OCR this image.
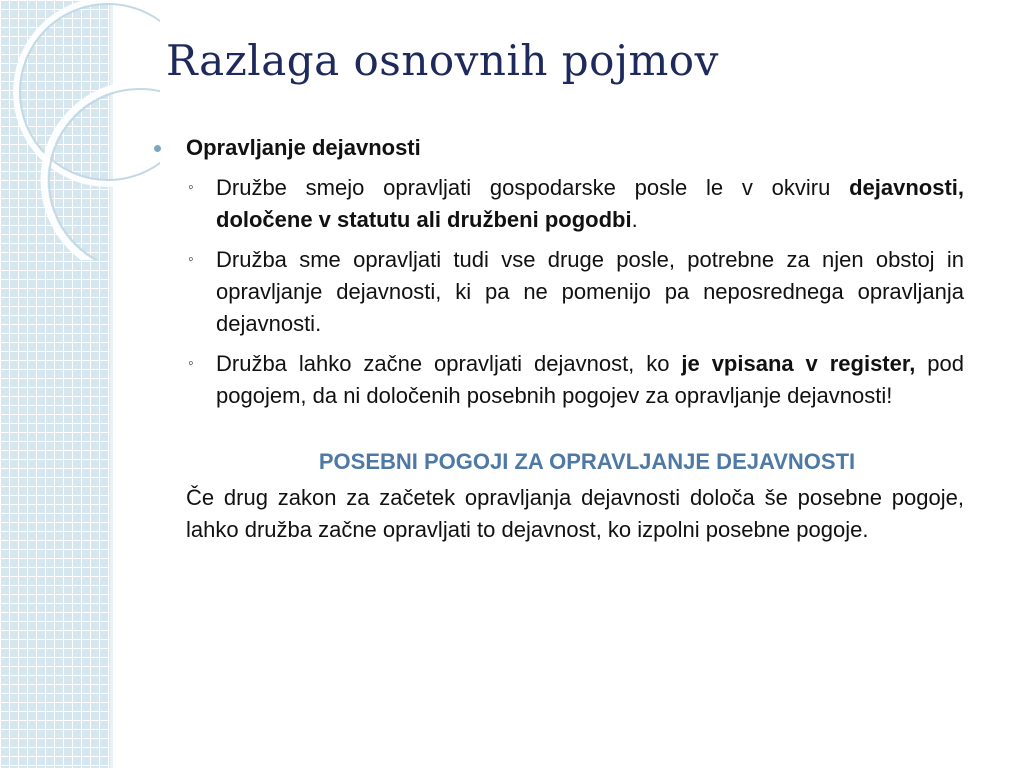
Razlaga osnovnih pojmov
Opravljanje dejavnosti
◦ Družbe smejo opravljati gospodarske posle le v okviru dejavnosti, določene v statutu ali družbeni pogodbi.
◦ Družba sme opravljati tudi vse druge posle, potrebne za njen obstoj in opravljanje dejavnosti, ki pa ne pomenijo pa neposrednega opravljanja dejavnosti.
◦ Družba lahko začne opravljati dejavnost, ko je vpisana v register, pod pogojem, da ni določenih posebnih pogojev za opravljanje dejavnosti!
POSEBNI POGOJI ZA OPRAVLJANJE DEJAVNOSTI
Če drug zakon za začetek opravljanja dejavnosti določa še posebne pogoje, lahko družba začne opravljati to dejavnost, ko izpolni posebne pogoje.
